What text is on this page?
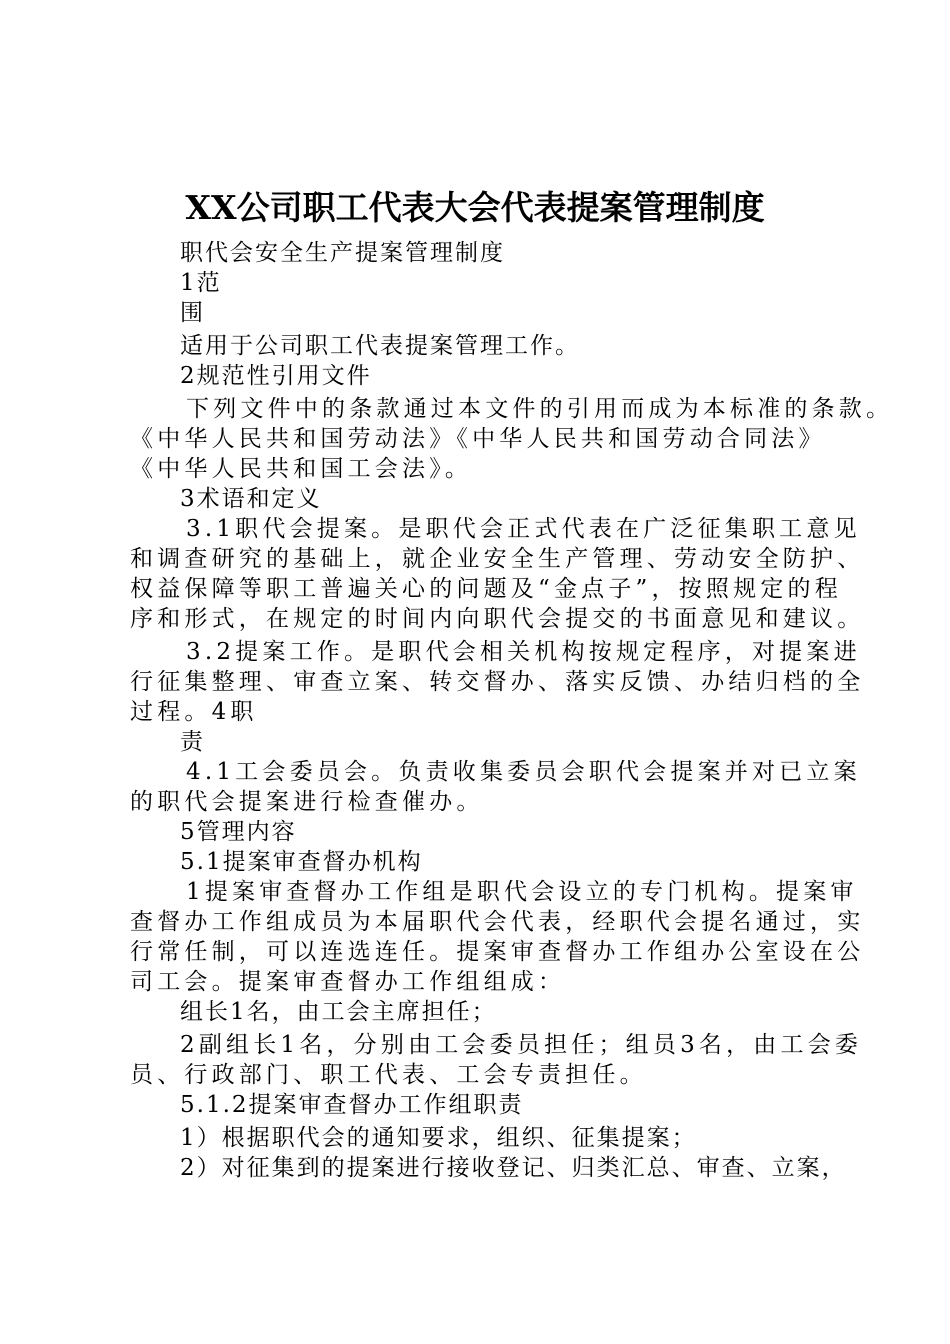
XX公司职工代表大会代表提案管理制度
职代会安全生产提案管理制度
1范
围
适用于公司职工代表提案管理工作。
2规范性引用文件
下列文件中的条款通过本文件的引用而成为本标准的条款。
《中华人民共和国劳动法》《中华人民共和国劳动合同法》
《中华人民共和国工会法》。
3术语和定义
3.1职代会提案。是职代会正式代表在广泛征集职工意见
和调查研究的基础上，就企业安全生产管理、劳动安全防护、
权益保障等职工普遍关心的问题及“金点子”，按照规定的程
序和形式，在规定的时间内向职代会提交的书面意见和建议。
3.2提案工作。是职代会相关机构按规定程序，对提案进
行征集整理、审查立案、转交督办、落实反馈、办结归档的全
过程。4职
责
4.1工会委员会。负责收集委员会职代会提案并对已立案
的职代会提案进行检查催办。
5管理内容
5.1提案审查督办机构
1提案审查督办工作组是职代会设立的专门机构。提案审
查督办工作组成员为本届职代会代表，经职代会提名通过，实
行常任制，可以连选连任。提案审查督办工作组办公室设在公
司工会。提案审查督办工作组组成：
组长1名，由工会主席担任；
2副组长1名，分别由工会委员担任；组员3名，由工会委
员、行政部门、职工代表、工会专责担任。
5.1.2提案审查督办工作组职责
1）根据职代会的通知要求，组织、征集提案；
2）对征集到的提案进行接收登记、归类汇总、审查、立案，
